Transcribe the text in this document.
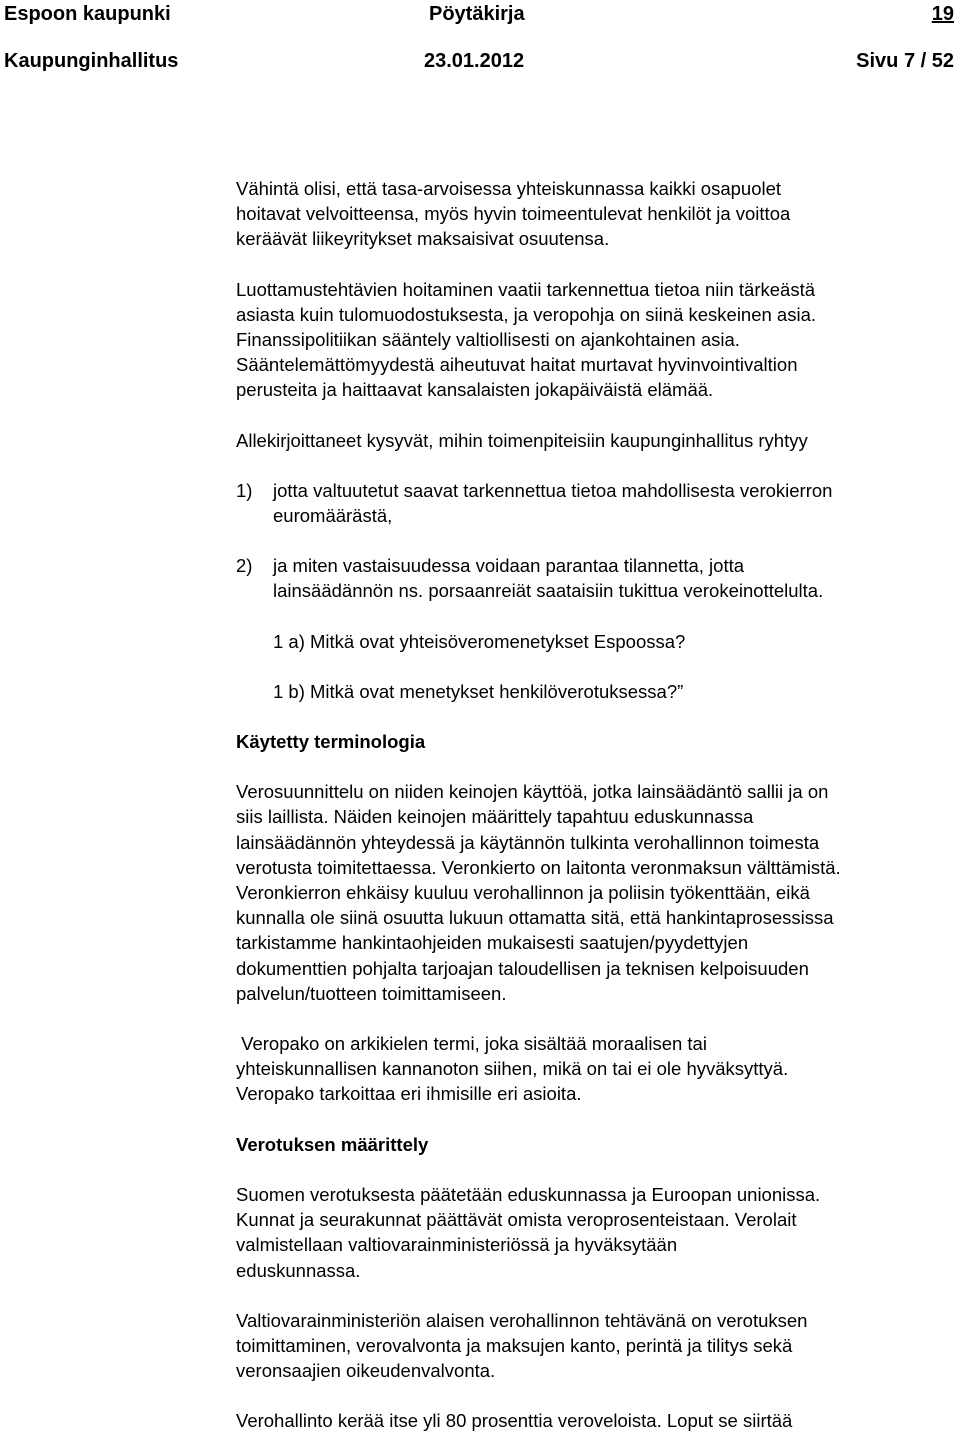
Espoon kaupunki	Pöytäkirja	19
Kaupunginhallitus	23.01.2012	Sivu 7 / 52

Vähintä olisi, että tasa-arvoisessa yhteiskunnassa kaikki osapuolet
hoitavat velvoitteensa, myös hyvin toimeentulevat henkilöt ja voittoa
keräävät liikeyritykset maksaisivat osuutensa.

Luottamustehtävien hoitaminen vaatii tarkennettua tietoa niin tärkeästä
asiasta kuin tulomuodostuksesta, ja veropohja on siinä keskeinen asia.
Finanssipolitiikan sääntely valtiollisesti on ajankohtainen asia.
Sääntelemättömyydestä aiheutuvat haitat murtavat hyvinvointivaltion
perusteita ja haittaavat kansalaisten jokapäiväistä elämää.

Allekirjoittaneet kysyvät, mihin toimenpiteisiin kaupunginhallitus ryhtyy

1) jotta valtuutetut saavat tarkennettua tietoa mahdollisesta verokierron
euromäärästä,
2) ja miten vastaisuudessa voidaan parantaa tilannetta, jotta
lainsäädännön ns. porsaanreiät saataisiin tukittua verokeinottelulta.

1 a) Mitkä ovat yhteisöveromenetykset Espoossa?

1 b) Mitkä ovat menetykset henkilöverotuksessa?”

Käytetty terminologia

Verosuunnittelu on niiden keinojen käyttöä, jotka lainsäädäntö sallii ja on
siis laillista. Näiden keinojen määrittely tapahtuu eduskunnassa
lainsäädännön yhteydessä ja käytännön tulkinta verohallinnon toimesta
verotusta toimitettaessa. Veronkierto on laitonta veronmaksun välttämistä.
Veronkierron ehkäisy kuuluu verohallinnon ja poliisin työkenttään, eikä
kunnalla ole siinä osuutta lukuun ottamatta sitä, että hankintaprosessissa
tarkistamme hankintaohjeiden mukaisesti saatujen/pyydettyjen
dokumenttien pohjalta tarjoajan taloudellisen ja teknisen kelpoisuuden
palvelun/tuotteen toimittamiseen.

Veropako on arkikielen termi, joka sisältää moraalisen tai
yhteiskunnallisen kannanoton siihen, mikä on tai ei ole hyväksyttyä.
Veropako tarkoittaa eri ihmisille eri asioita.

Verotuksen määrittely

Suomen verotuksesta päätetään eduskunnassa ja Euroopan unionissa.
Kunnat ja seurakunnat päättävät omista veroprosenteistaan. Verolait
valmistellaan valtiovarainministeriössä ja hyväksytään
eduskunnassa.

Valtiovarainministeriön alaisen verohallinnon tehtävänä on verotuksen
toimittaminen, verovalvonta ja maksujen kanto, perintä ja tilitys sekä
veronsaajien oikeudenvalvonta.

Verohallinto kerää itse yli 80 prosenttia veroveloista. Loput se siirtää
